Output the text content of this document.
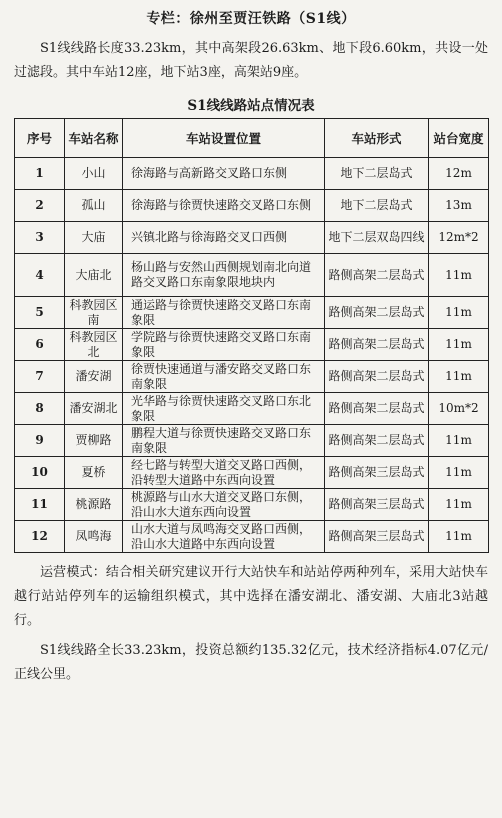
专栏：徐州至贾汪铁路（S1线）

S1线线路长度33.23km，其中高架段26.63km、地下段6.60km，共设一处过滤段。其中车站12座，地下站3座，高架站9座。

S1线线路站点情况表
序号	车站名称	车站设置位置	车站形式	站台宽度
1	小山	徐海路与高新路交叉路口东侧	地下二层岛式	12m
2	孤山	徐海路与徐贾快速路交叉路口东侧	地下二层岛式	13m
3	大庙	兴镇北路与徐海路交叉口西侧	地下二层双岛四线	12m*2
4	大庙北	杨山路与安然山西侧规划南北向道路交叉路口东南象限地块内	路侧高架二层岛式	11m
5	科教园区南	通运路与徐贾快速路交叉路口东南象限	路侧高架二层岛式	11m
6	科教园区北	学院路与徐贾快速路交叉路口东南象限	路侧高架二层岛式	11m
7	潘安湖	徐贾快速通道与潘安路交叉路口东南象限	路侧高架二层岛式	11m
8	潘安湖北	光华路与徐贾快速路交叉路口东北象限	路侧高架二层岛式	10m*2
9	贾柳路	鹏程大道与徐贾快速路交叉路口东南象限	路侧高架二层岛式	11m
10	夏桥	经七路与转型大道交叉路口西侧，沿转型大道路中东西向设置	路侧高架三层岛式	11m
11	桃源路	桃源路与山水大道交叉路口东侧，沿山水大道东西向设置	路侧高架三层岛式	11m
12	凤鸣海	山水大道与凤鸣海交叉路口西侧，沿山水大道路中东西向设置	路侧高架三层岛式	11m

运营模式：结合相关研究建议开行大站快车和站站停两种列车，采用大站快车越行站站停列车的运输组织模式，其中选择在潘安湖北、潘安湖、大庙北3站越行。

S1线线路全长33.23km，投资总额约135.32亿元，技术经济指标4.07亿元/正线公里。
